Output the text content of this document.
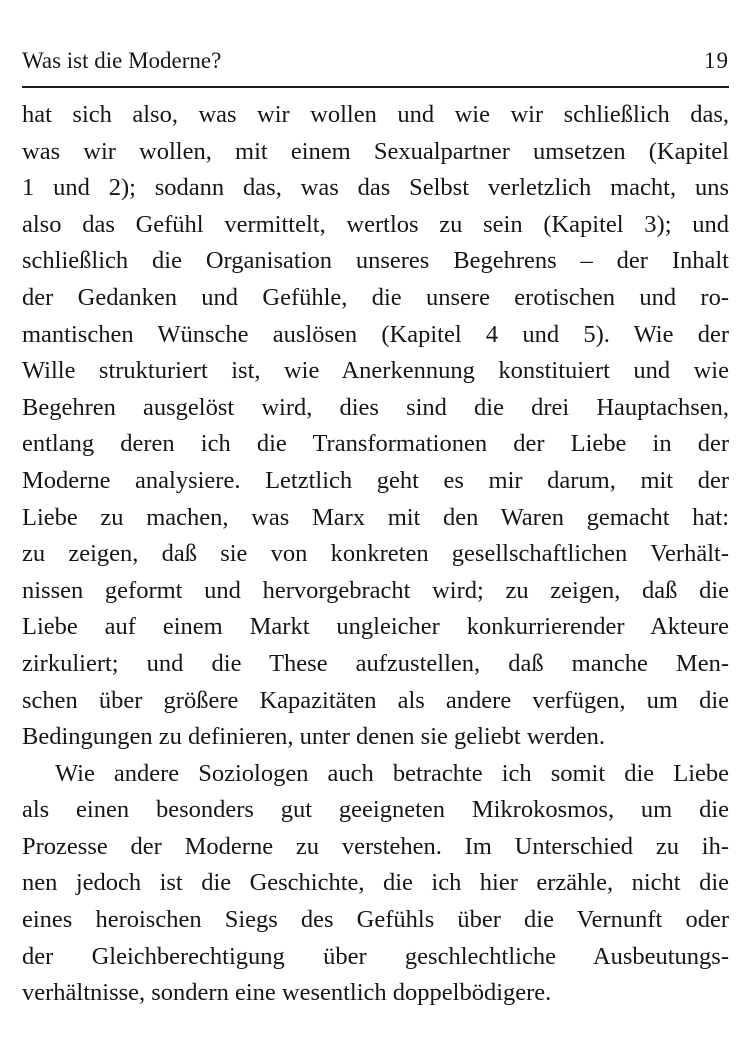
Was ist die Moderne?	19
hat sich also, was wir wollen und wie wir schließlich das,
was wir wollen, mit einem Sexualpartner umsetzen (Kapitel
1 und 2); sodann das, was das Selbst verletzlich macht, uns
also das Gefühl vermittelt, wertlos zu sein (Kapitel 3); und
schließlich die Organisation unseres Begehrens – der Inhalt
der Gedanken und Gefühle, die unsere erotischen und ro-
mantischen Wünsche auslösen (Kapitel 4 und 5). Wie der
Wille strukturiert ist, wie Anerkennung konstituiert und wie
Begehren ausgelöst wird, dies sind die drei Hauptachsen,
entlang deren ich die Transformationen der Liebe in der
Moderne analysiere. Letztlich geht es mir darum, mit der
Liebe zu machen, was Marx mit den Waren gemacht hat:
zu zeigen, daß sie von konkreten gesellschaftlichen Verhält-
nissen geformt und hervorgebracht wird; zu zeigen, daß die
Liebe auf einem Markt ungleicher konkurrierender Akteure
zirkuliert; und die These aufzustellen, daß manche Men-
schen über größere Kapazitäten als andere verfügen, um die
Bedingungen zu definieren, unter denen sie geliebt werden.
Wie andere Soziologen auch betrachte ich somit die Liebe
als einen besonders gut geeigneten Mikrokosmos, um die
Prozesse der Moderne zu verstehen. Im Unterschied zu ih-
nen jedoch ist die Geschichte, die ich hier erzähle, nicht die
eines heroischen Siegs des Gefühls über die Vernunft oder
der Gleichberechtigung über geschlechtliche Ausbeutungs-
verhältnisse, sondern eine wesentlich doppelbödigere.
